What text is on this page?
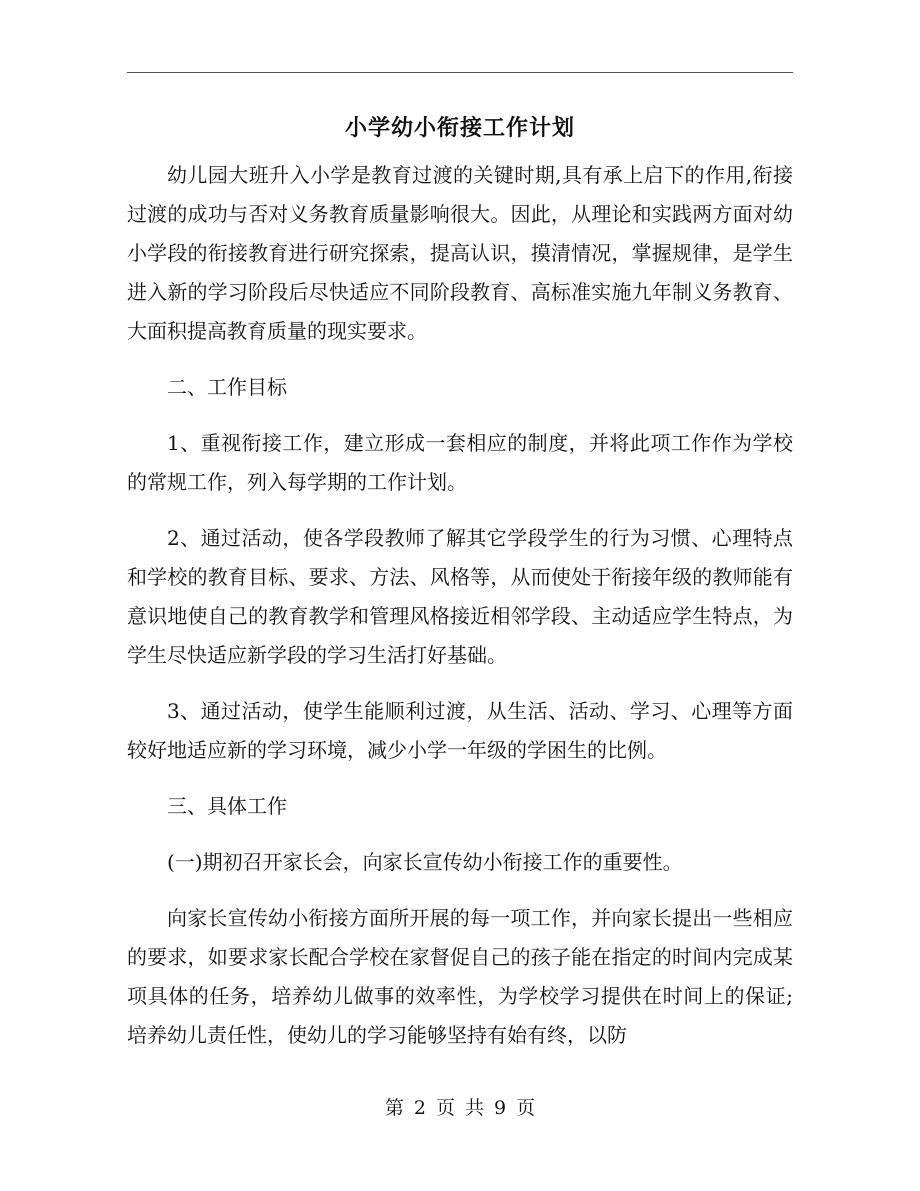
小学幼小衔接工作计划

幼儿园大班升入小学是教育过渡的关键时期,具有承上启下的作用,衔接过渡的成功与否对义务教育质量影响很大。因此，从理论和实践两方面对幼小学段的衔接教育进行研究探索，提高认识，摸清情况，掌握规律，是学生进入新的学习阶段后尽快适应不同阶段教育、高标准实施九年制义务教育、大面积提高教育质量的现实要求。

二、工作目标

1、重视衔接工作，建立形成一套相应的制度，并将此项工作作为学校的常规工作，列入每学期的工作计划。

2、通过活动，使各学段教师了解其它学段学生的行为习惯、心理特点和学校的教育目标、要求、方法、风格等，从而使处于衔接年级的教师能有意识地使自己的教育教学和管理风格接近相邻学段、主动适应学生特点，为学生尽快适应新学段的学习生活打好基础。

3、通过活动，使学生能顺利过渡，从生活、活动、学习、心理等方面较好地适应新的学习环境，减少小学一年级的学困生的比例。

三、具体工作

(一)期初召开家长会，向家长宣传幼小衔接工作的重要性。

向家长宣传幼小衔接方面所开展的每一项工作，并向家长提出一些相应的要求，如要求家长配合学校在家督促自己的孩子能在指定的时间内完成某项具体的任务，培养幼儿做事的效率性，为学校学习提供在时间上的保证;培养幼儿责任性，使幼儿的学习能够坚持有始有终，以防

第 2 页 共 9 页
